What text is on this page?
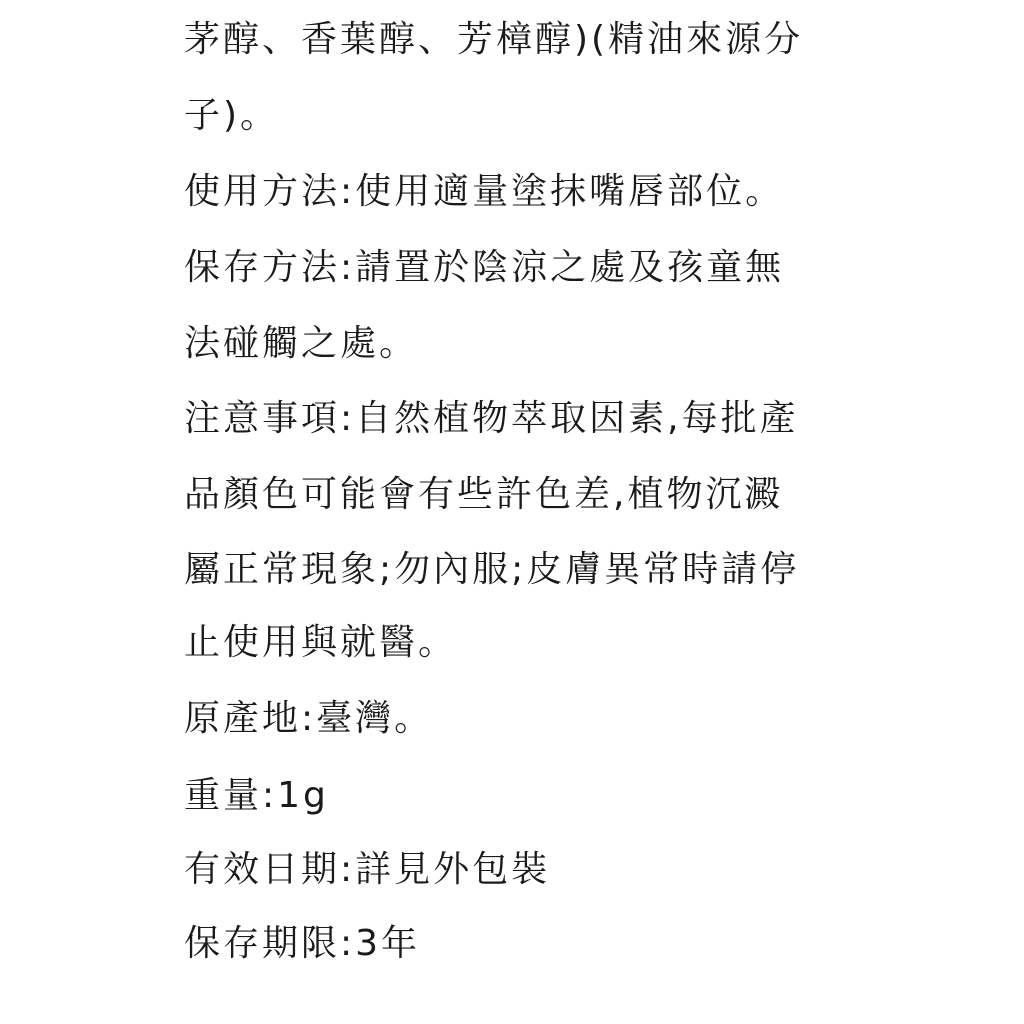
茅醇、香葉醇、芳樟醇)(精油來源分
子)。
使用方法:使用適量塗抹嘴唇部位。
保存方法:請置於陰涼之處及孩童無
法碰觸之處。
注意事項:自然植物萃取因素,每批產
品顏色可能會有些許色差,植物沉澱
屬正常現象;勿內服;皮膚異常時請停
止使用與就醫。
原產地:臺灣。
重量:1g
有效日期:詳見外包裝
保存期限:3年
